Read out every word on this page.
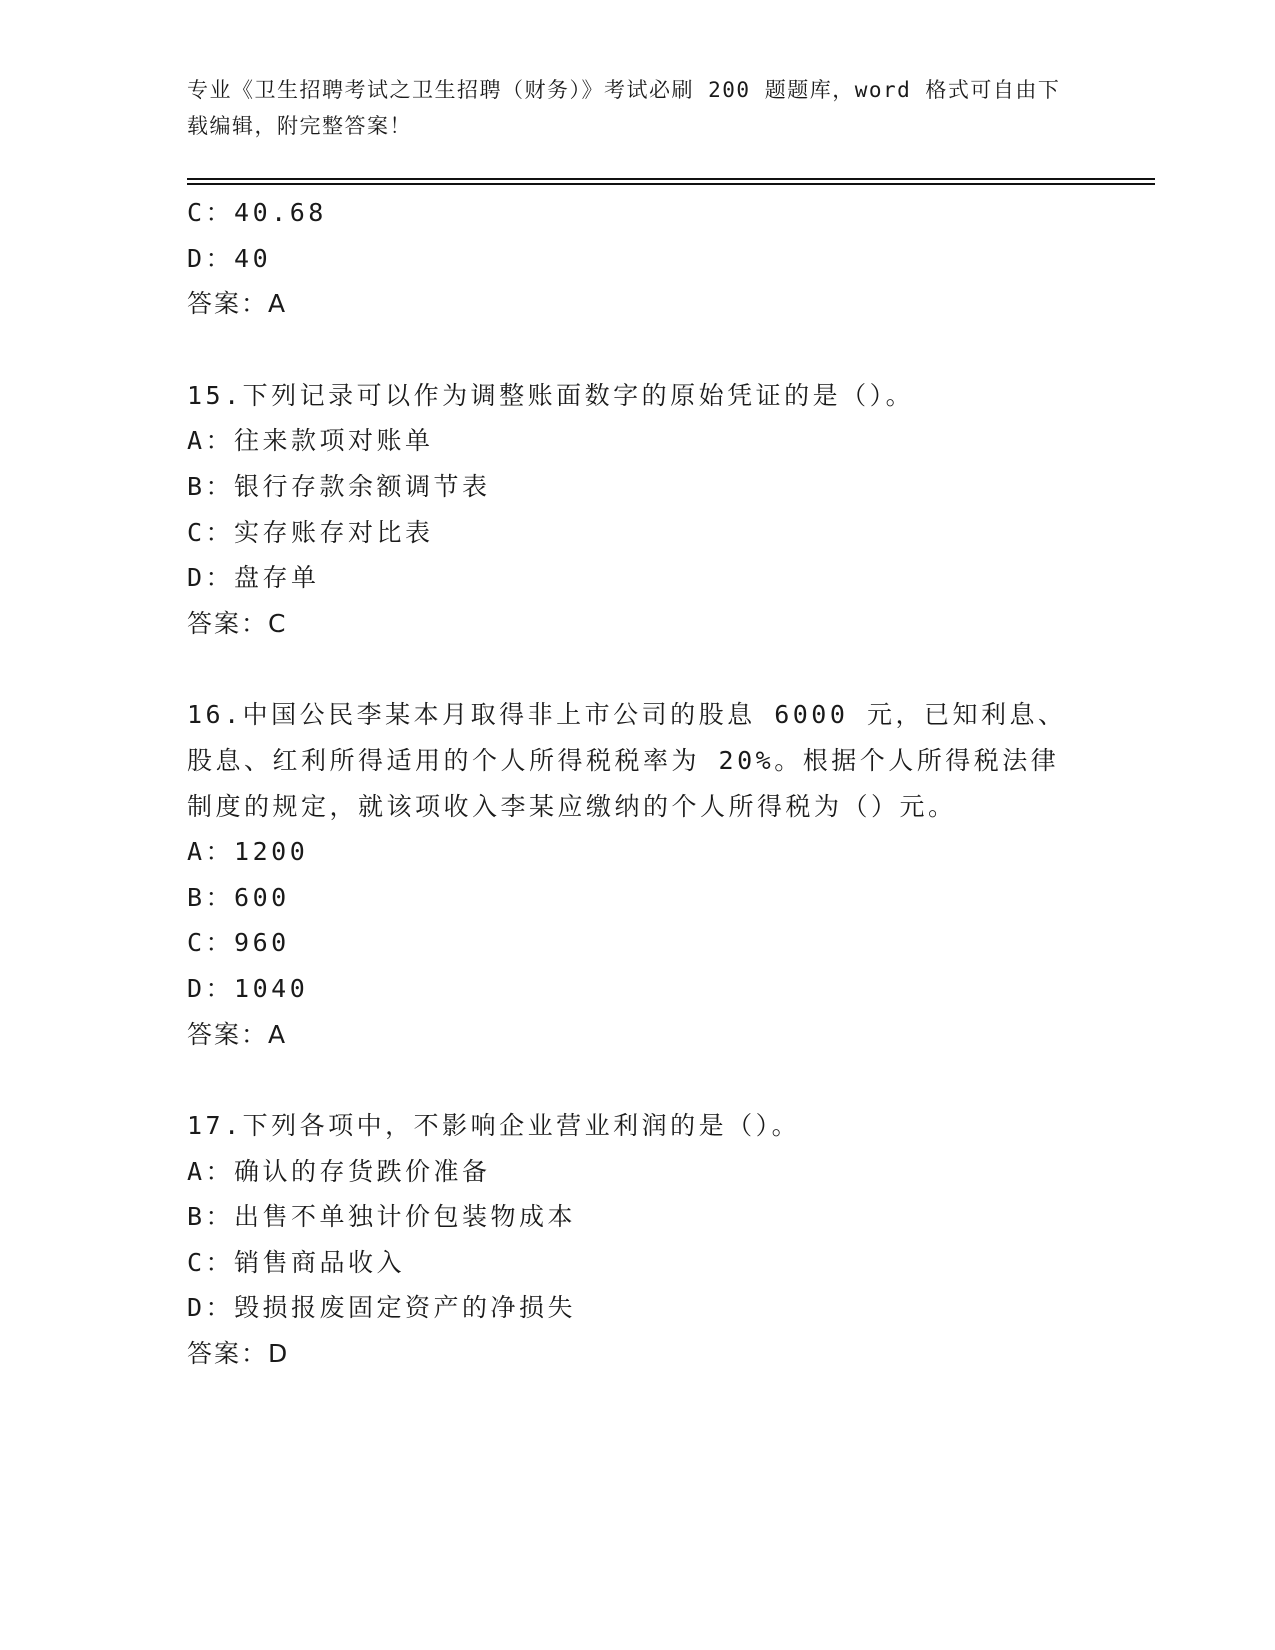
专业《卫生招聘考试之卫生招聘（财务）》考试必刷 200 题题库，word 格式可自由下载编辑，附完整答案！
C：40.68
D：40
答案：A
15.下列记录可以作为调整账面数字的原始凭证的是（）。
A：往来款项对账单
B：银行存款余额调节表
C：实存账存对比表
D：盘存单
答案：C
16.中国公民李某本月取得非上市公司的股息 6000 元，已知利息、股息、红利所得适用的个人所得税税率为 20%。根据个人所得税法律制度的规定，就该项收入李某应缴纳的个人所得税为（）元。
A：1200
B：600
C：960
D：1040
答案：A
17.下列各项中，不影响企业营业利润的是（）。
A：确认的存货跌价准备
B：出售不单独计价包装物成本
C：销售商品收入
D：毁损报废固定资产的净损失
答案：D
